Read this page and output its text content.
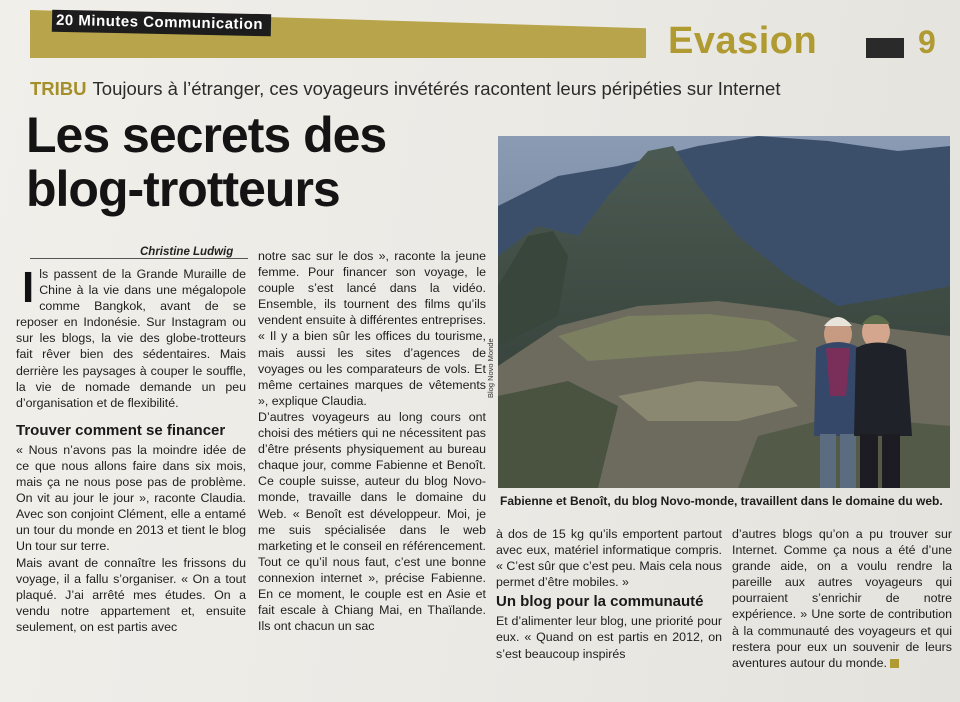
20 Minutes Communication	Evasion	9
TRIBU Toujours à l’étranger, ces voyageurs invétérés racontent leurs péripéties sur Internet
Les secrets des
blog-trotteurs
Christine Ludwig

Ils passent de la Grande Muraille de Chine à la vie dans une mégalopole comme Bangkok, avant de se reposer en Indonésie. Sur Instagram ou sur les blogs, la vie des globe-trotteurs fait rêver bien des sédentaires. Mais derrière les paysages à couper le souffle, la vie de nomade demande un peu d’organisation et de flexibilité.

Trouver comment se financer

« Nous n’avons pas la moindre idée de ce que nous allons faire dans six mois, mais ça ne nous pose pas de problème. On vit au jour le jour », raconte Claudia. Avec son conjoint Clément, elle a entamé un tour du monde en 2013 et tient le blog Un tour sur terre.

Mais avant de connaître les frissons du voyage, il a fallu s’organiser. « On a tout plaqué. J’ai arrêté mes études. On a vendu notre appartement et, ensuite seulement, on est partis avec

notre sac sur le dos », raconte la jeune femme. Pour financer son voyage, le couple s’est lancé dans la vidéo. Ensemble, ils tournent des films qu’ils vendent ensuite à différentes entreprises. « Il y a bien sûr les offices du tourisme, mais aussi les sites d’agences de voyages ou les comparateurs de vols. Et même certaines marques de vêtements », explique Claudia.

D’autres voyageurs au long cours ont choisi des métiers qui ne nécessitent pas d’être présents physiquement au bureau chaque jour, comme Fabienne et Benoît. Ce couple suisse, auteur du blog Novo-monde, travaille dans le domaine du Web. « Benoît est développeur. Moi, je me suis spécialisée dans le web marketing et le conseil en référencement. Tout ce qu’il nous faut, c’est une bonne connexion internet », précise Fabienne. En ce moment, le couple est en Asie et fait escale à Chiang Mai, en Thaïlande. Ils ont chacun un sac

Blog Novo Monde
Fabienne et Benoît, du blog Novo-monde, travaillent dans le domaine du web.

à dos de 15 kg qu’ils emportent partout avec eux, matériel informatique compris. « C’est sûr que c’est peu. Mais cela nous permet d’être mobiles. »

Un blog pour la communauté

Et d’alimenter leur blog, une priorité pour eux. « Quand on est partis en 2012, on s’est beaucoup inspirés

d’autres blogs qu’on a pu trouver sur Internet. Comme ça nous a été d’une grande aide, on a voulu rendre la pareille aux autres voyageurs qui pourraient s’enrichir de notre expérience. » Une sorte de contribution à la communauté des voyageurs et qui restera pour eux un souvenir de leurs aventures autour du monde.
